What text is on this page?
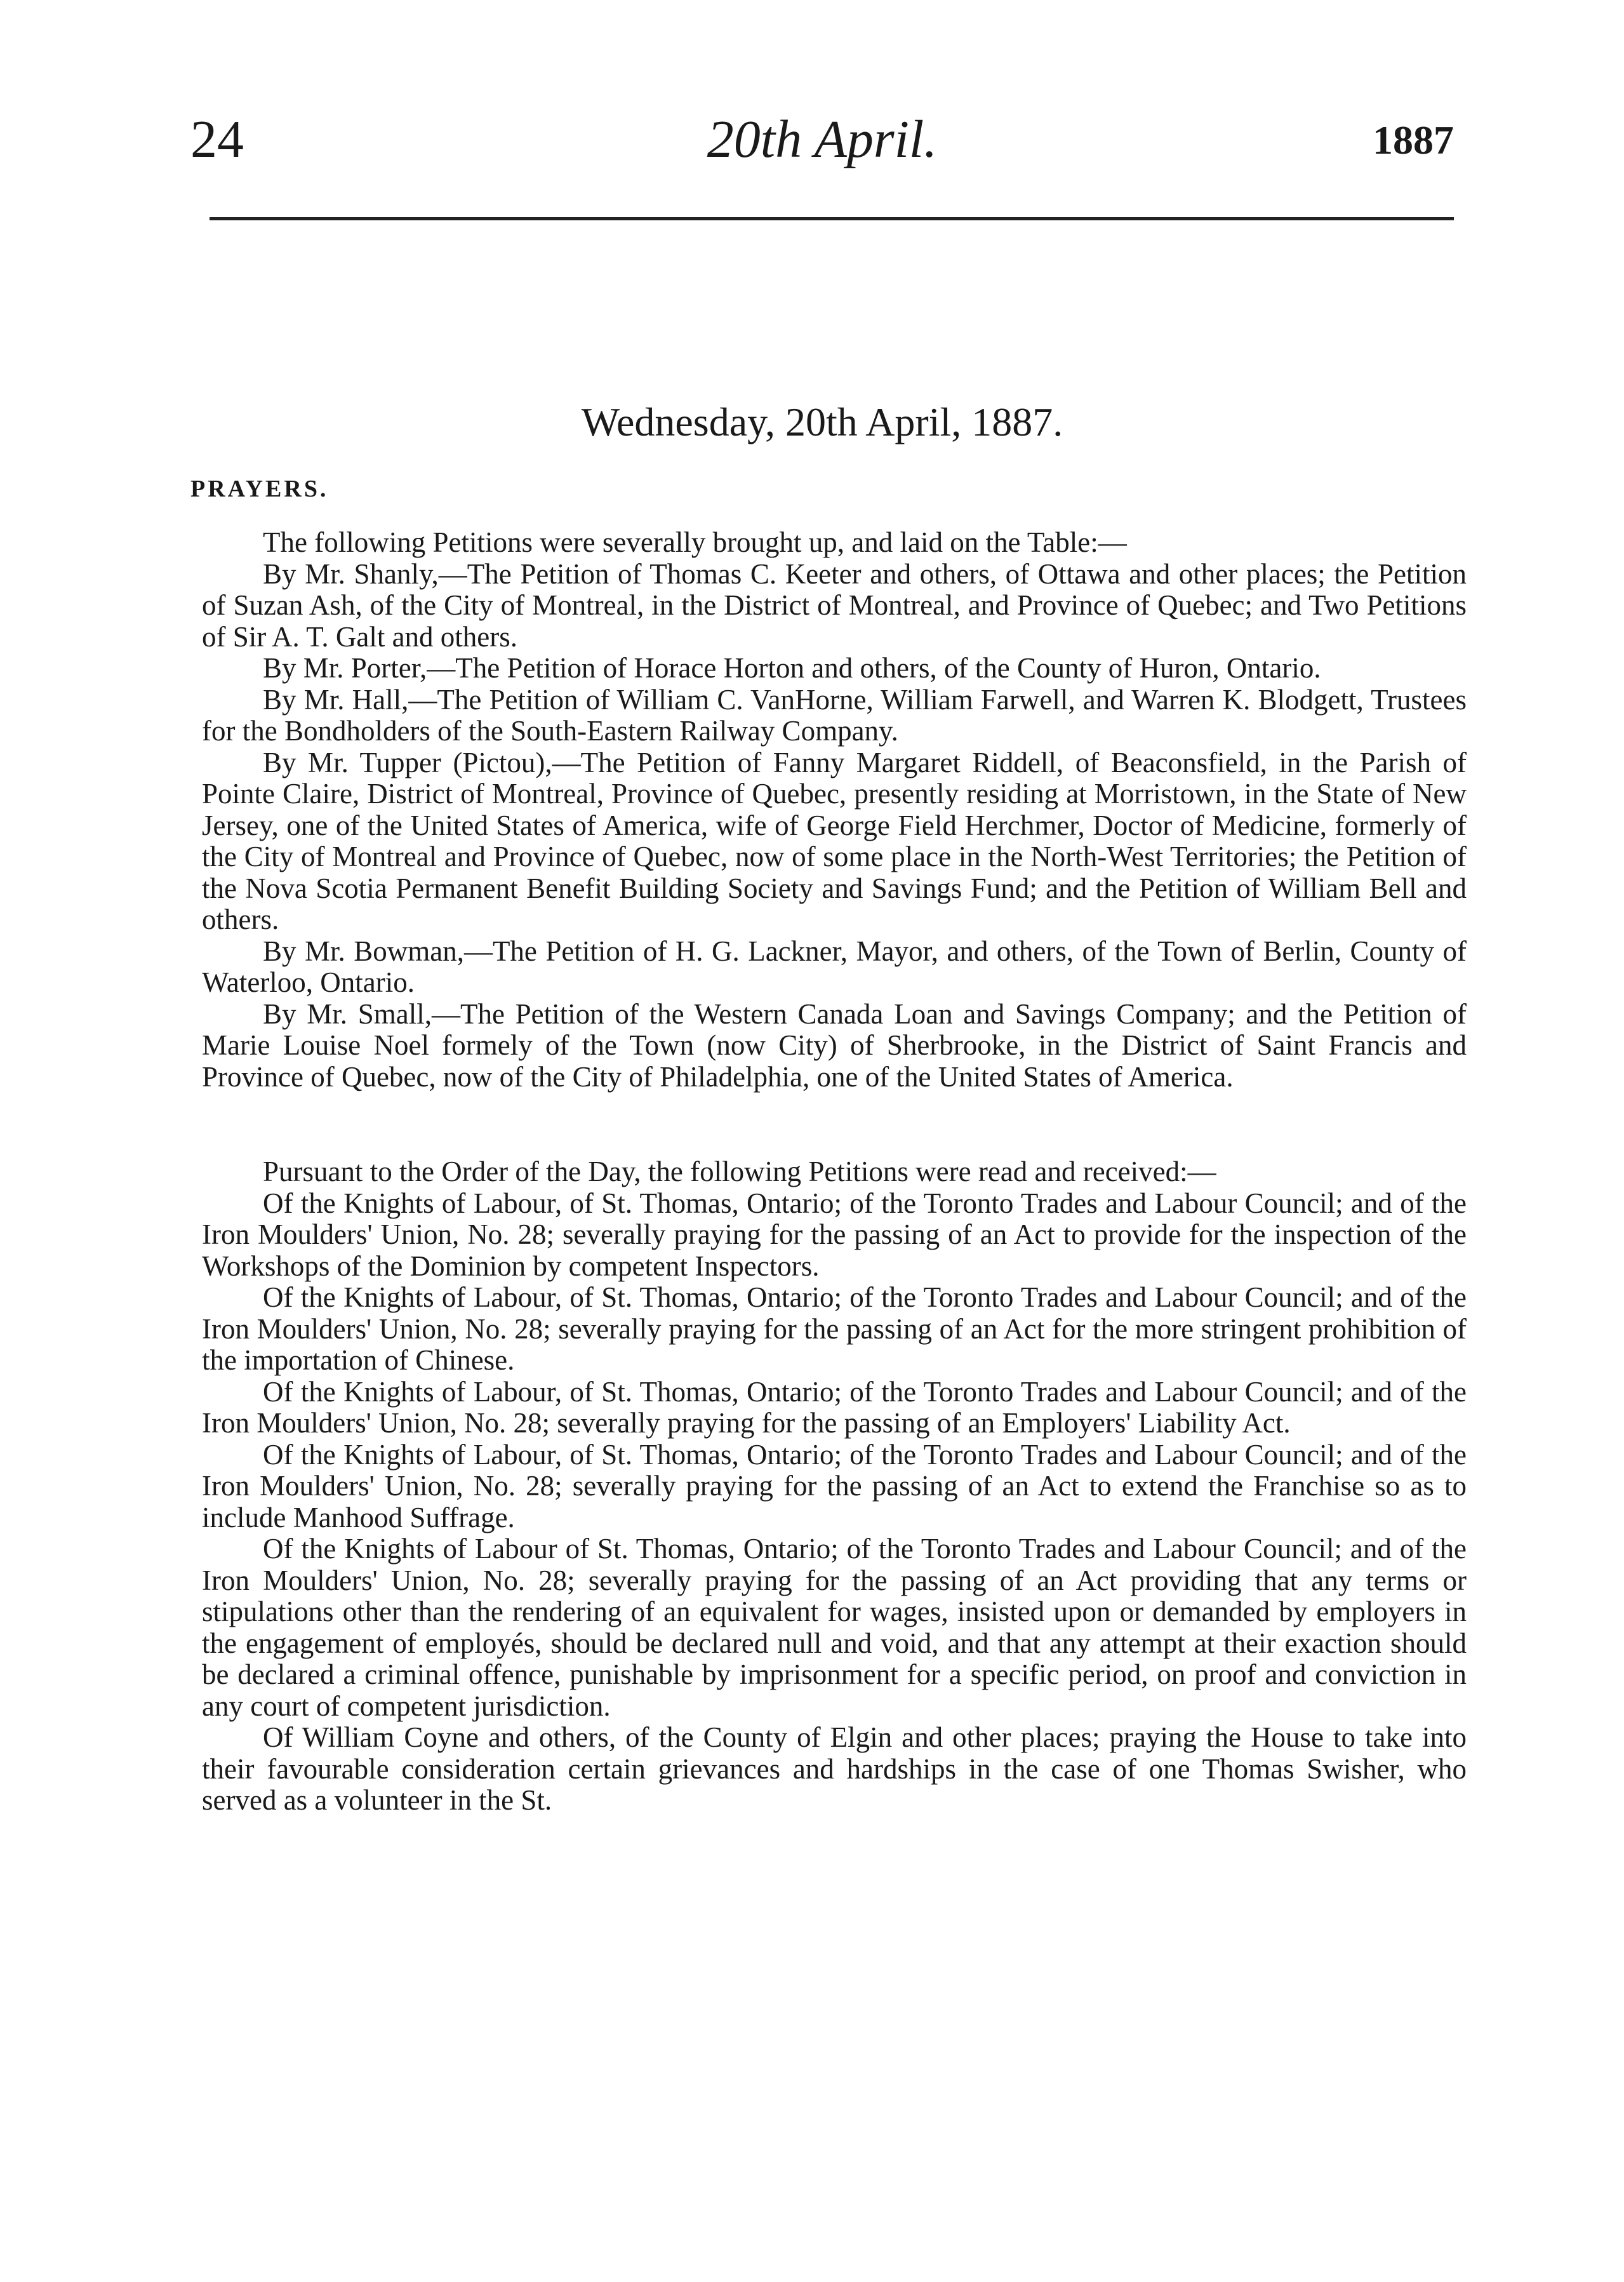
24	20th April.	1887
Wednesday, 20th April, 1887.
PRAYERS.

The following Petitions were severally brought up, and laid on the Table:—

By Mr. Shanly,—The Petition of Thomas C. Keeter and others, of Ottawa and other places; the Petition of Suzan Ash, of the City of Montreal, in the District of Montreal, and Province of Quebec; and Two Petitions of Sir A. T. Galt and others.

By Mr. Porter,—The Petition of Horace Horton and others, of the County of Huron, Ontario.

By Mr. Hall,—The Petition of William C. VanHorne, William Farwell, and Warren K. Blodgett, Trustees for the Bondholders of the South-Eastern Railway Company.

By Mr. Tupper (Pictou),—The Petition of Fanny Margaret Riddell, of Beaconsfield, in the Parish of Pointe Claire, District of Montreal, Province of Quebec, presently residing at Morristown, in the State of New Jersey, one of the United States of America, wife of George Field Herchmer, Doctor of Medicine, formerly of the City of Montreal and Province of Quebec, now of some place in the North-West Territories; the Petition of the Nova Scotia Permanent Benefit Building Society and Savings Fund; and the Petition of William Bell and others.

By Mr. Bowman,—The Petition of H. G. Lackner, Mayor, and others, of the Town of Berlin, County of Waterloo, Ontario.

By Mr. Small,—The Petition of the Western Canada Loan and Savings Company; and the Petition of Marie Louise Noel formely of the Town (now City) of Sherbrooke, in the District of Saint Francis and Province of Quebec, now of the City of Philadelphia, one of the United States of America.

Pursuant to the Order of the Day, the following Petitions were read and received:—

Of the Knights of Labour, of St. Thomas, Ontario; of the Toronto Trades and Labour Council; and of the Iron Moulders' Union, No. 28; severally praying for the passing of an Act to provide for the inspection of the Workshops of the Dominion by competent Inspectors.

Of the Knights of Labour, of St. Thomas, Ontario; of the Toronto Trades and Labour Council; and of the Iron Moulders' Union, No. 28; severally praying for the passing of an Act for the more stringent prohibition of the importation of Chinese.

Of the Knights of Labour, of St. Thomas, Ontario; of the Toronto Trades and Labour Council; and of the Iron Moulders' Union, No. 28; severally praying for the passing of an Employers' Liability Act.

Of the Knights of Labour, of St. Thomas, Ontario; of the Toronto Trades and Labour Council; and of the Iron Moulders' Union, No. 28; severally praying for the passing of an Act to extend the Franchise so as to include Manhood Suffrage.

Of the Knights of Labour of St. Thomas, Ontario; of the Toronto Trades and Labour Council; and of the Iron Moulders' Union, No. 28; severally praying for the passing of an Act providing that any terms or stipulations other than the rendering of an equivalent for wages, insisted upon or demanded by employers in the engagement of employés, should be declared null and void, and that any attempt at their exaction should be declared a criminal offence, punishable by imprisonment for a specific period, on proof and conviction in any court of competent jurisdiction.

Of William Coyne and others, of the County of Elgin and other places; praying the House to take into their favourable consideration certain grievances and hardships in the case of one Thomas Swisher, who served as a volunteer in the St.
